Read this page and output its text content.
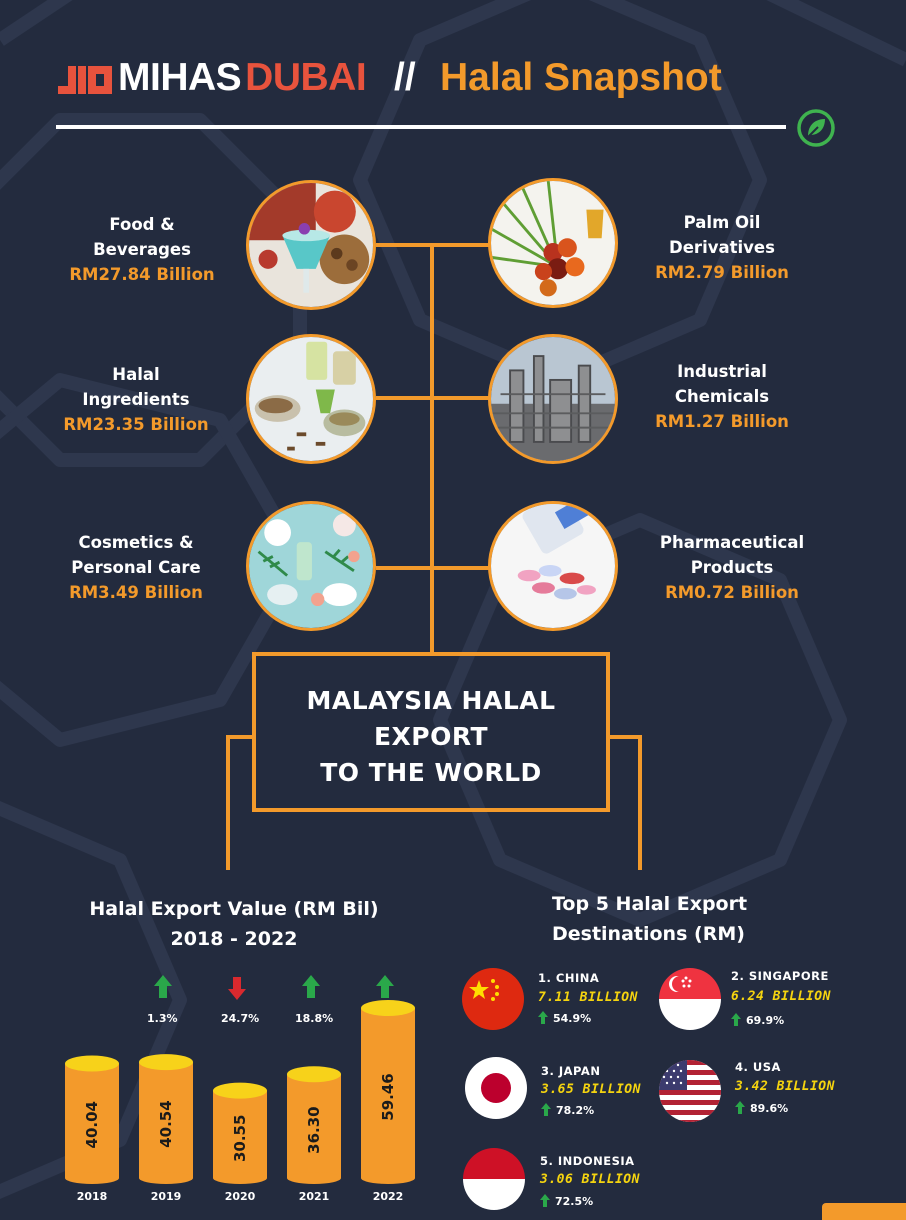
MIHAS DUBAI // Halal Snapshot
Food &
Beverages
RM27.84 Billion
Palm Oil
Derivatives
RM2.79 Billion
Halal
Ingredients
RM23.35 Billion
Industrial
Chemicals
RM1.27 Billion
Cosmetics &
Personal Care
RM3.49 Billion
Pharmaceutical
Products
RM0.72 Billion
MALAYSIA HALAL
EXPORT
TO THE WORLD
Halal Export Value (RM Bil)
2018 - 2022
Top 5 Halal Export
Destinations (RM)
1.3%	24.7%	18.8%
40.04
2018
40.54
2019
30.55
2020
36.30
2021
59.46
2022
1. CHINA
7.11 BILLION
54.9%
2. SINGAPORE
6.24 BILLION
69.9%
3. JAPAN
3.65 BILLION
78.2%
4. USA
3.42 BILLION
89.6%
5. INDONESIA
3.06 BILLION
72.5%
